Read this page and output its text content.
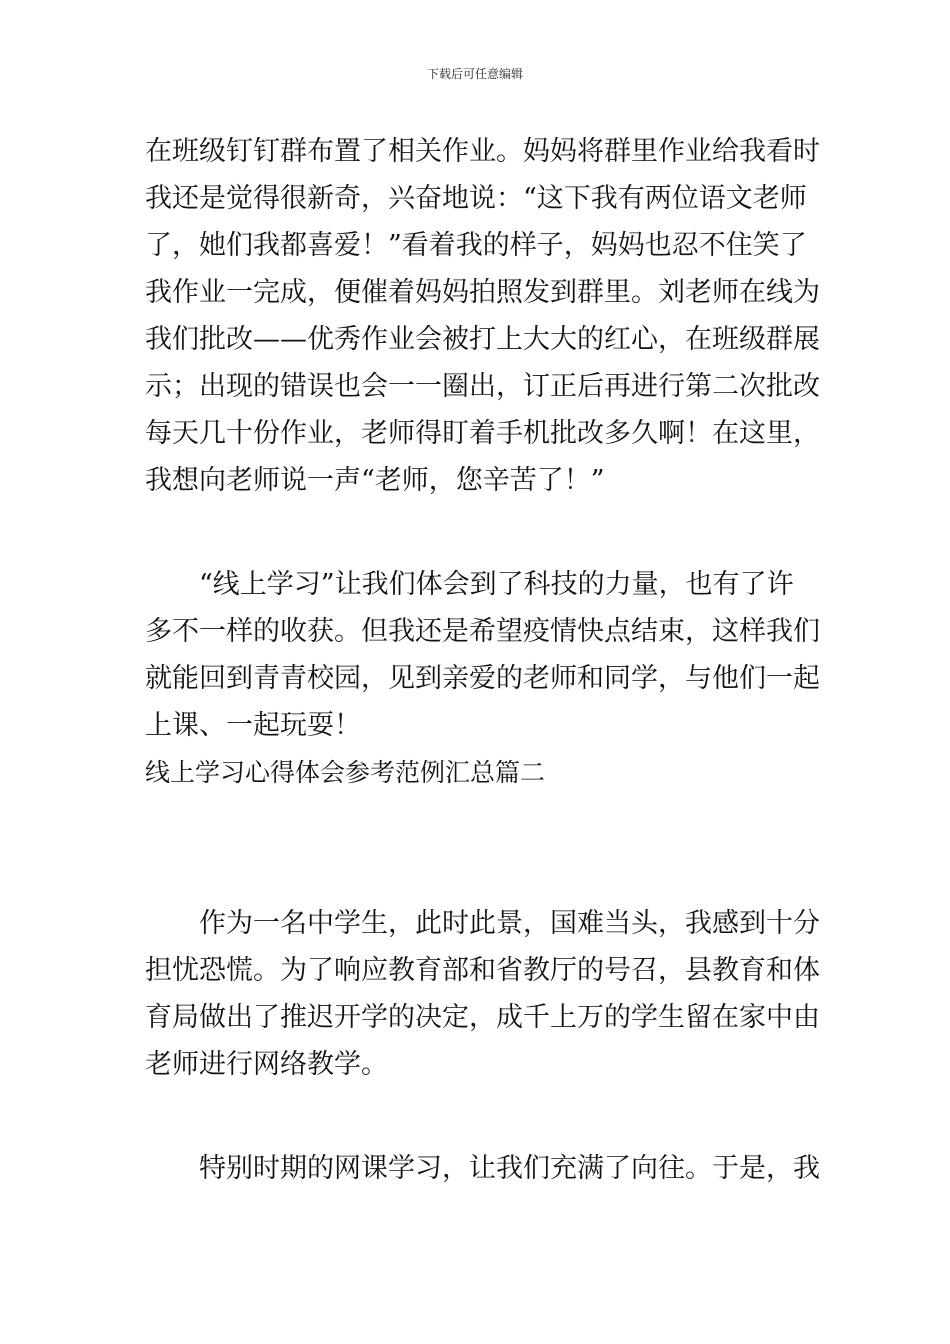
下载后可任意编辑
在班级钉钉群布置了相关作业。妈妈将群里作业给我看时
我还是觉得很新奇，兴奋地说：“这下我有两位语文老师
了，她们我都喜爱！”看着我的样子，妈妈也忍不住笑了
我作业一完成，便催着妈妈拍照发到群里。刘老师在线为
我们批改——优秀作业会被打上大大的红心，在班级群展
示；出现的错误也会一一圈出，订正后再进行第二次批改
每天几十份作业，老师得盯着手机批改多久啊！在这里，
我想向老师说一声“老师，您辛苦了！”
“线上学习”让我们体会到了科技的力量，也有了许
多不一样的收获。但我还是希望疫情快点结束，这样我们
就能回到青青校园，见到亲爱的老师和同学，与他们一起
上课、一起玩耍！
线上学习心得体会参考范例汇总篇二
作为一名中学生，此时此景，国难当头，我感到十分
担忧恐慌。为了响应教育部和省教厅的号召，县教育和体
育局做出了推迟开学的决定，成千上万的学生留在家中由
老师进行网络教学。
特别时期的网课学习，让我们充满了向往。于是，我
